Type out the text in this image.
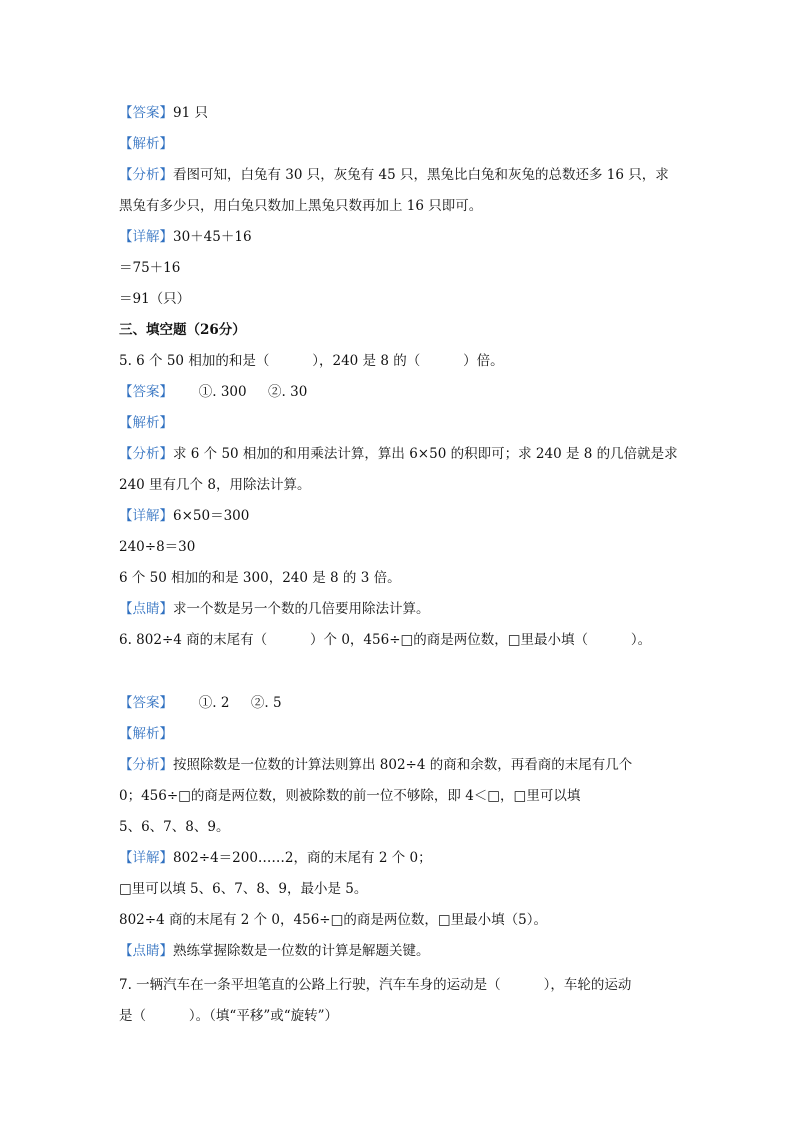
【答案】91 只
【解析】
【分析】看图可知，白兔有 30 只，灰兔有 45 只，黑兔比白兔和灰兔的总数还多 16 只，求
黑兔有多少只，用白兔只数加上黑兔只数再加上 16 只即可。
【详解】30＋45＋16
＝75＋16
＝91（只）
三、填空题（26分）
5. 6 个 50 相加的和是（          ），240 是 8 的（          ）倍。
【答案】      ①. 300     ②. 30
【解析】
【分析】求 6 个 50 相加的和用乘法计算，算出 6×50 的积即可；求 240 是 8 的几倍就是求
240 里有几个 8，用除法计算。
【详解】6×50＝300
240÷8＝30
6 个 50 相加的和是 300，240 是 8 的 3 倍。
【点睛】求一个数是另一个数的几倍要用除法计算。
6. 802÷4 商的末尾有（          ）个 0，456÷□的商是两位数，□里最小填（          ）。
【答案】      ①. 2     ②. 5
【解析】
【分析】按照除数是一位数的计算法则算出 802÷4 的商和余数，再看商的末尾有几个
0；456÷□的商是两位数，则被除数的前一位不够除，即 4＜□，□里可以填
5、6、7、8、9。
【详解】802÷4＝200……2，商的末尾有 2 个 0；
□里可以填 5、6、7、8、9，最小是 5。
802÷4 商的末尾有 2 个 0，456÷□的商是两位数，□里最小填（5）。
【点睛】熟练掌握除数是一位数的计算是解题关键。
7. 一辆汽车在一条平坦笔直的公路上行驶，汽车车身的运动是（          ），车轮的运动
是（          ）。（填“平移”或“旋转”）
